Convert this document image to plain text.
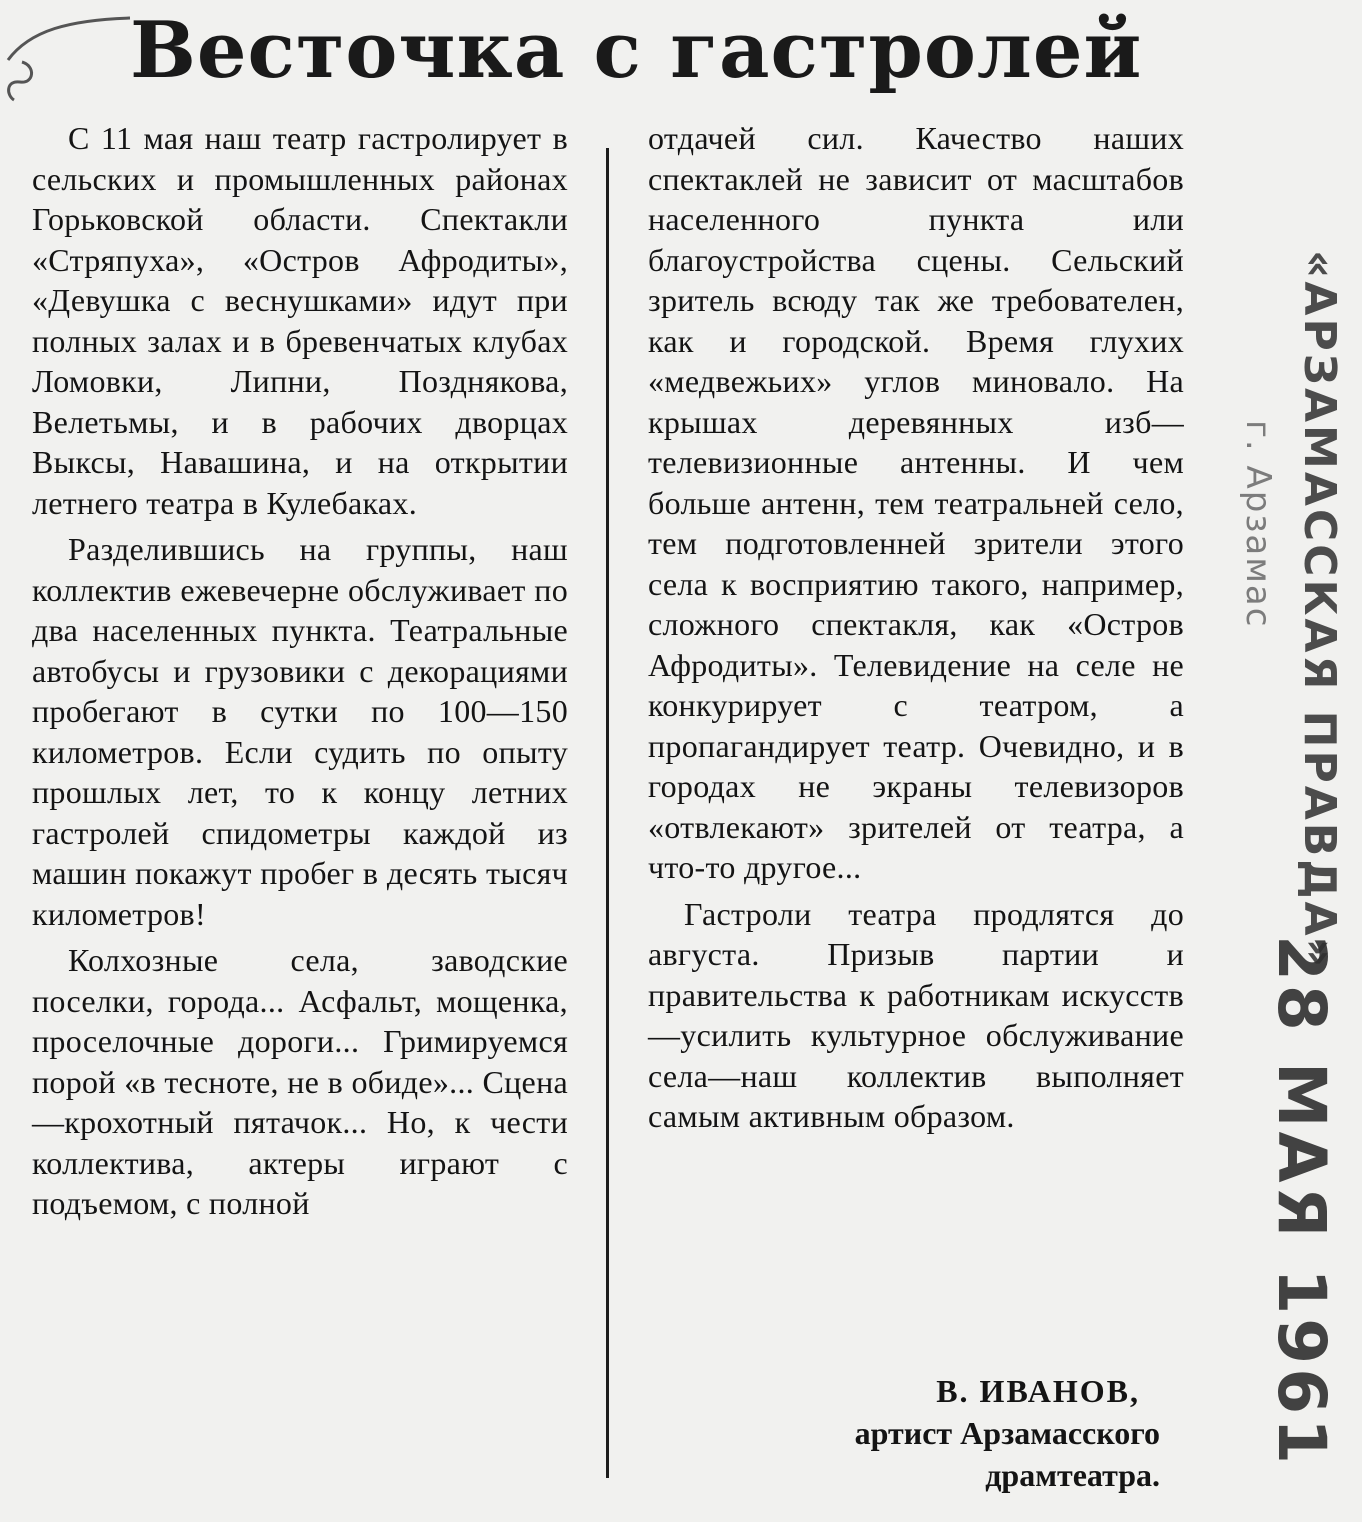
Весточка с гастролей

С 11 мая наш театр гастролирует в сельских и промышленных районах Горьковской области. Спектакли «Стряпуха», «Остров Афродиты», «Девушка с веснушками» идут при полных залах и в бревенчатых клубах Ломовки, Липни, Позднякова, Велетьмы, и в рабочих дворцах Выксы, Навашина, и на открытии летнего театра в Кулебаках.

Разделившись на группы, наш коллектив ежевечерне обслуживает по два населенных пункта. Театральные автобусы и грузовики с декорациями пробегают в сутки по 100—150 километров. Если судить по опыту прошлых лет, то к концу летних гастролей спидометры каждой из машин покажут пробег в десять тысяч километров!

Колхозные села, заводские поселки, города... Асфальт, мощенка, проселочные дороги... Гримируемся порой «в тесноте, не в обиде»... Сцена—крохотный пятачок... Но, к чести коллектива, актеры играют с подъемом, с полной

отдачей сил. Качество наших спектаклей не зависит от масштабов населенного пункта или благоустройства сцены. Сельский зритель всюду так же требователен, как и городской. Время глухих «медвежьих» углов миновало. На крышах деревянных изб—телевизионные антенны. И чем больше антенн, тем театральней село, тем подготовленней зрители этого села к восприятию такого, например, сложного спектакля, как «Остров Афродиты». Телевидение на селе не конкурирует с театром, а пропагандирует театр. Очевидно, и в городах не экраны телевизоров «отвлекают» зрителей от театра, а что-то другое...

Гастроли театра продлятся до августа. Призыв партии и правительства к работникам искусств—усилить культурное обслуживание села—наш коллектив выполняет самым активным образом.

В. ИВАНОВ,
артист Арзамасского
драмтеатра.
«АРЗАМАССКАЯ ПРАВДА»
г. Арзамас
28 МАЯ 1961
